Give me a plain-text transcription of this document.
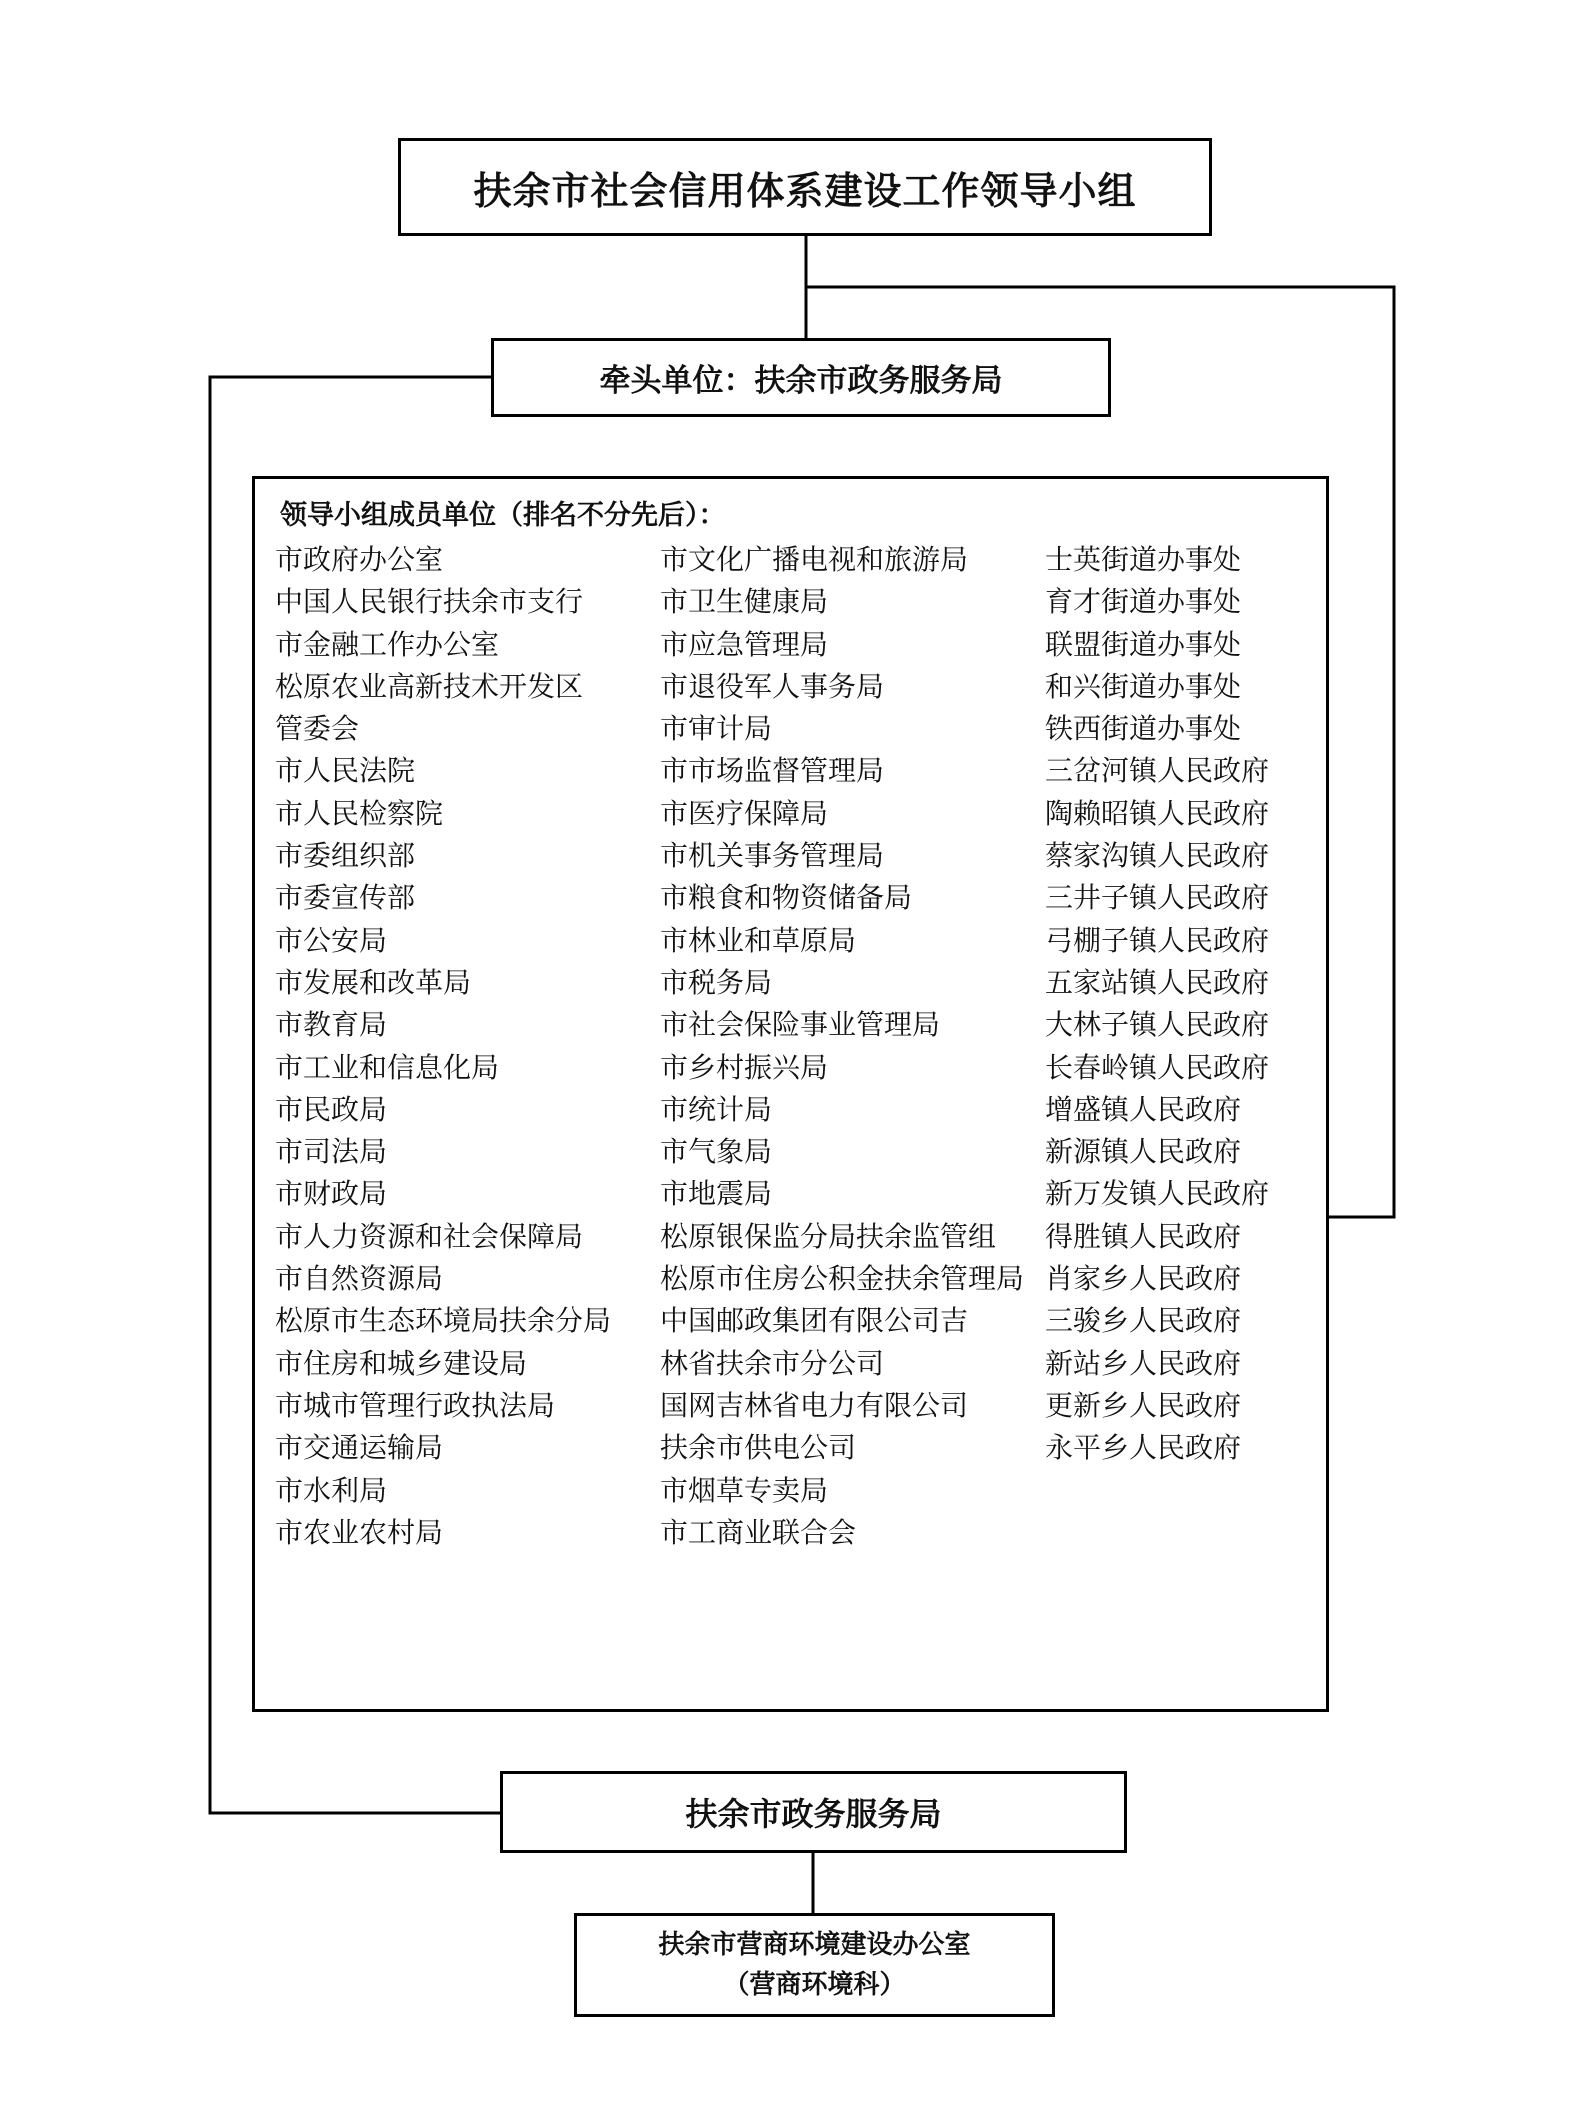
扶余市社会信用体系建设工作领导小组
牵头单位：扶余市政务服务局
领导小组成员单位（排名不分先后）：
市政府办公室
中国人民银行扶余市支行
市金融工作办公室
松原农业高新技术开发区
管委会
市人民法院
市人民检察院
市委组织部
市委宣传部
市公安局
市发展和改革局
市教育局
市工业和信息化局
市民政局
市司法局
市财政局
市人力资源和社会保障局
市自然资源局
松原市生态环境局扶余分局
市住房和城乡建设局
市城市管理行政执法局
市交通运输局
市水利局
市农业农村局
市文化广播电视和旅游局
市卫生健康局
市应急管理局
市退役军人事务局
市审计局
市市场监督管理局
市医疗保障局
市机关事务管理局
市粮食和物资储备局
市林业和草原局
市税务局
市社会保险事业管理局
市乡村振兴局
市统计局
市气象局
市地震局
松原银保监分局扶余监管组
松原市住房公积金扶余管理局
中国邮政集团有限公司吉
林省扶余市分公司
国网吉林省电力有限公司
扶余市供电公司
市烟草专卖局
市工商业联合会
士英街道办事处
育才街道办事处
联盟街道办事处
和兴街道办事处
铁西街道办事处
三岔河镇人民政府
陶赖昭镇人民政府
蔡家沟镇人民政府
三井子镇人民政府
弓棚子镇人民政府
五家站镇人民政府
大林子镇人民政府
长春岭镇人民政府
增盛镇人民政府
新源镇人民政府
新万发镇人民政府
得胜镇人民政府
肖家乡人民政府
三骏乡人民政府
新站乡人民政府
更新乡人民政府
永平乡人民政府
扶余市政务服务局
扶余市营商环境建设办公室
（营商环境科）
